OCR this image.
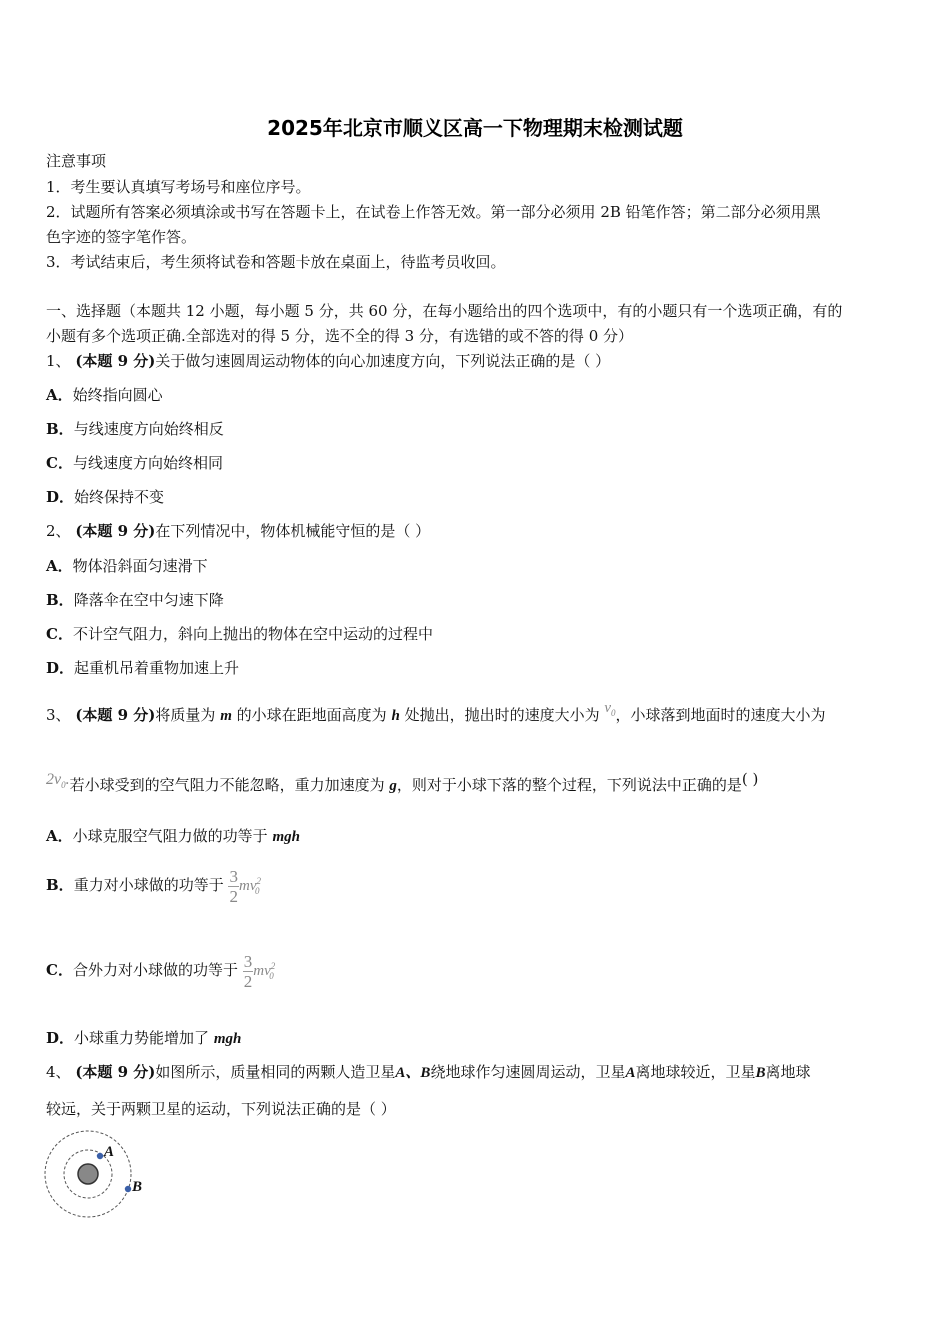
2025年北京市顺义区高一下物理期末检测试题
注意事项
1．考生要认真填写考场号和座位序号。
2．试题所有答案必须填涂或书写在答题卡上，在试卷上作答无效。第一部分必须用 2B 铅笔作答；第二部分必须用黑
色字迹的签字笔作答。
3．考试结束后，考生须将试卷和答题卡放在桌面上，待监考员收回。
一、选择题（本题共 12 小题，每小题 5 分，共 60 分，在每小题给出的四个选项中，有的小题只有一个选项正确，有的
小题有多个选项正确.全部选对的得 5 分，选不全的得 3 分，有选错的或不答的得 0 分）
1、 (本题 9 分)关于做匀速圆周运动物体的向心加速度方向，下列说法正确的是（ ）
A．始终指向圆心
B．与线速度方向始终相反
C．与线速度方向始终相同
D．始终保持不变
2、 (本题 9 分)在下列情况中，物体机械能守恒的是（ ）
A．物体沿斜面匀速滑下
B．降落伞在空中匀速下降
C．不计空气阻力，斜向上抛出的物体在空中运动的过程中
D．起重机吊着重物加速上升
3、 (本题 9 分)将质量为 m 的小球在距地面高度为 h 处抛出，抛出时的速度大小为 $v_0$，小球落到地面时的速度大小为
$2v_0$.若小球受到的空气阻力不能忽略，重力加速度为 g，则对于小球下落的整个过程，下列说法中正确的是( )
A．小球克服空气阻力做的功等于 mgh
B．重力对小球做的功等于 $\frac{3}{2} mv^2_0$
C．合外力对小球做的功等于 $\frac{3}{2} mv^2_0$
D．小球重力势能增加了 mgh
4、 (本题 9 分)如图所示，质量相同的两颗人造卫星A、B绕地球作匀速圆周运动，卫星A离地球较近，卫星B离地球
较远，关于两颗卫星的运动，下列说法正确的是（ ）
A
B
